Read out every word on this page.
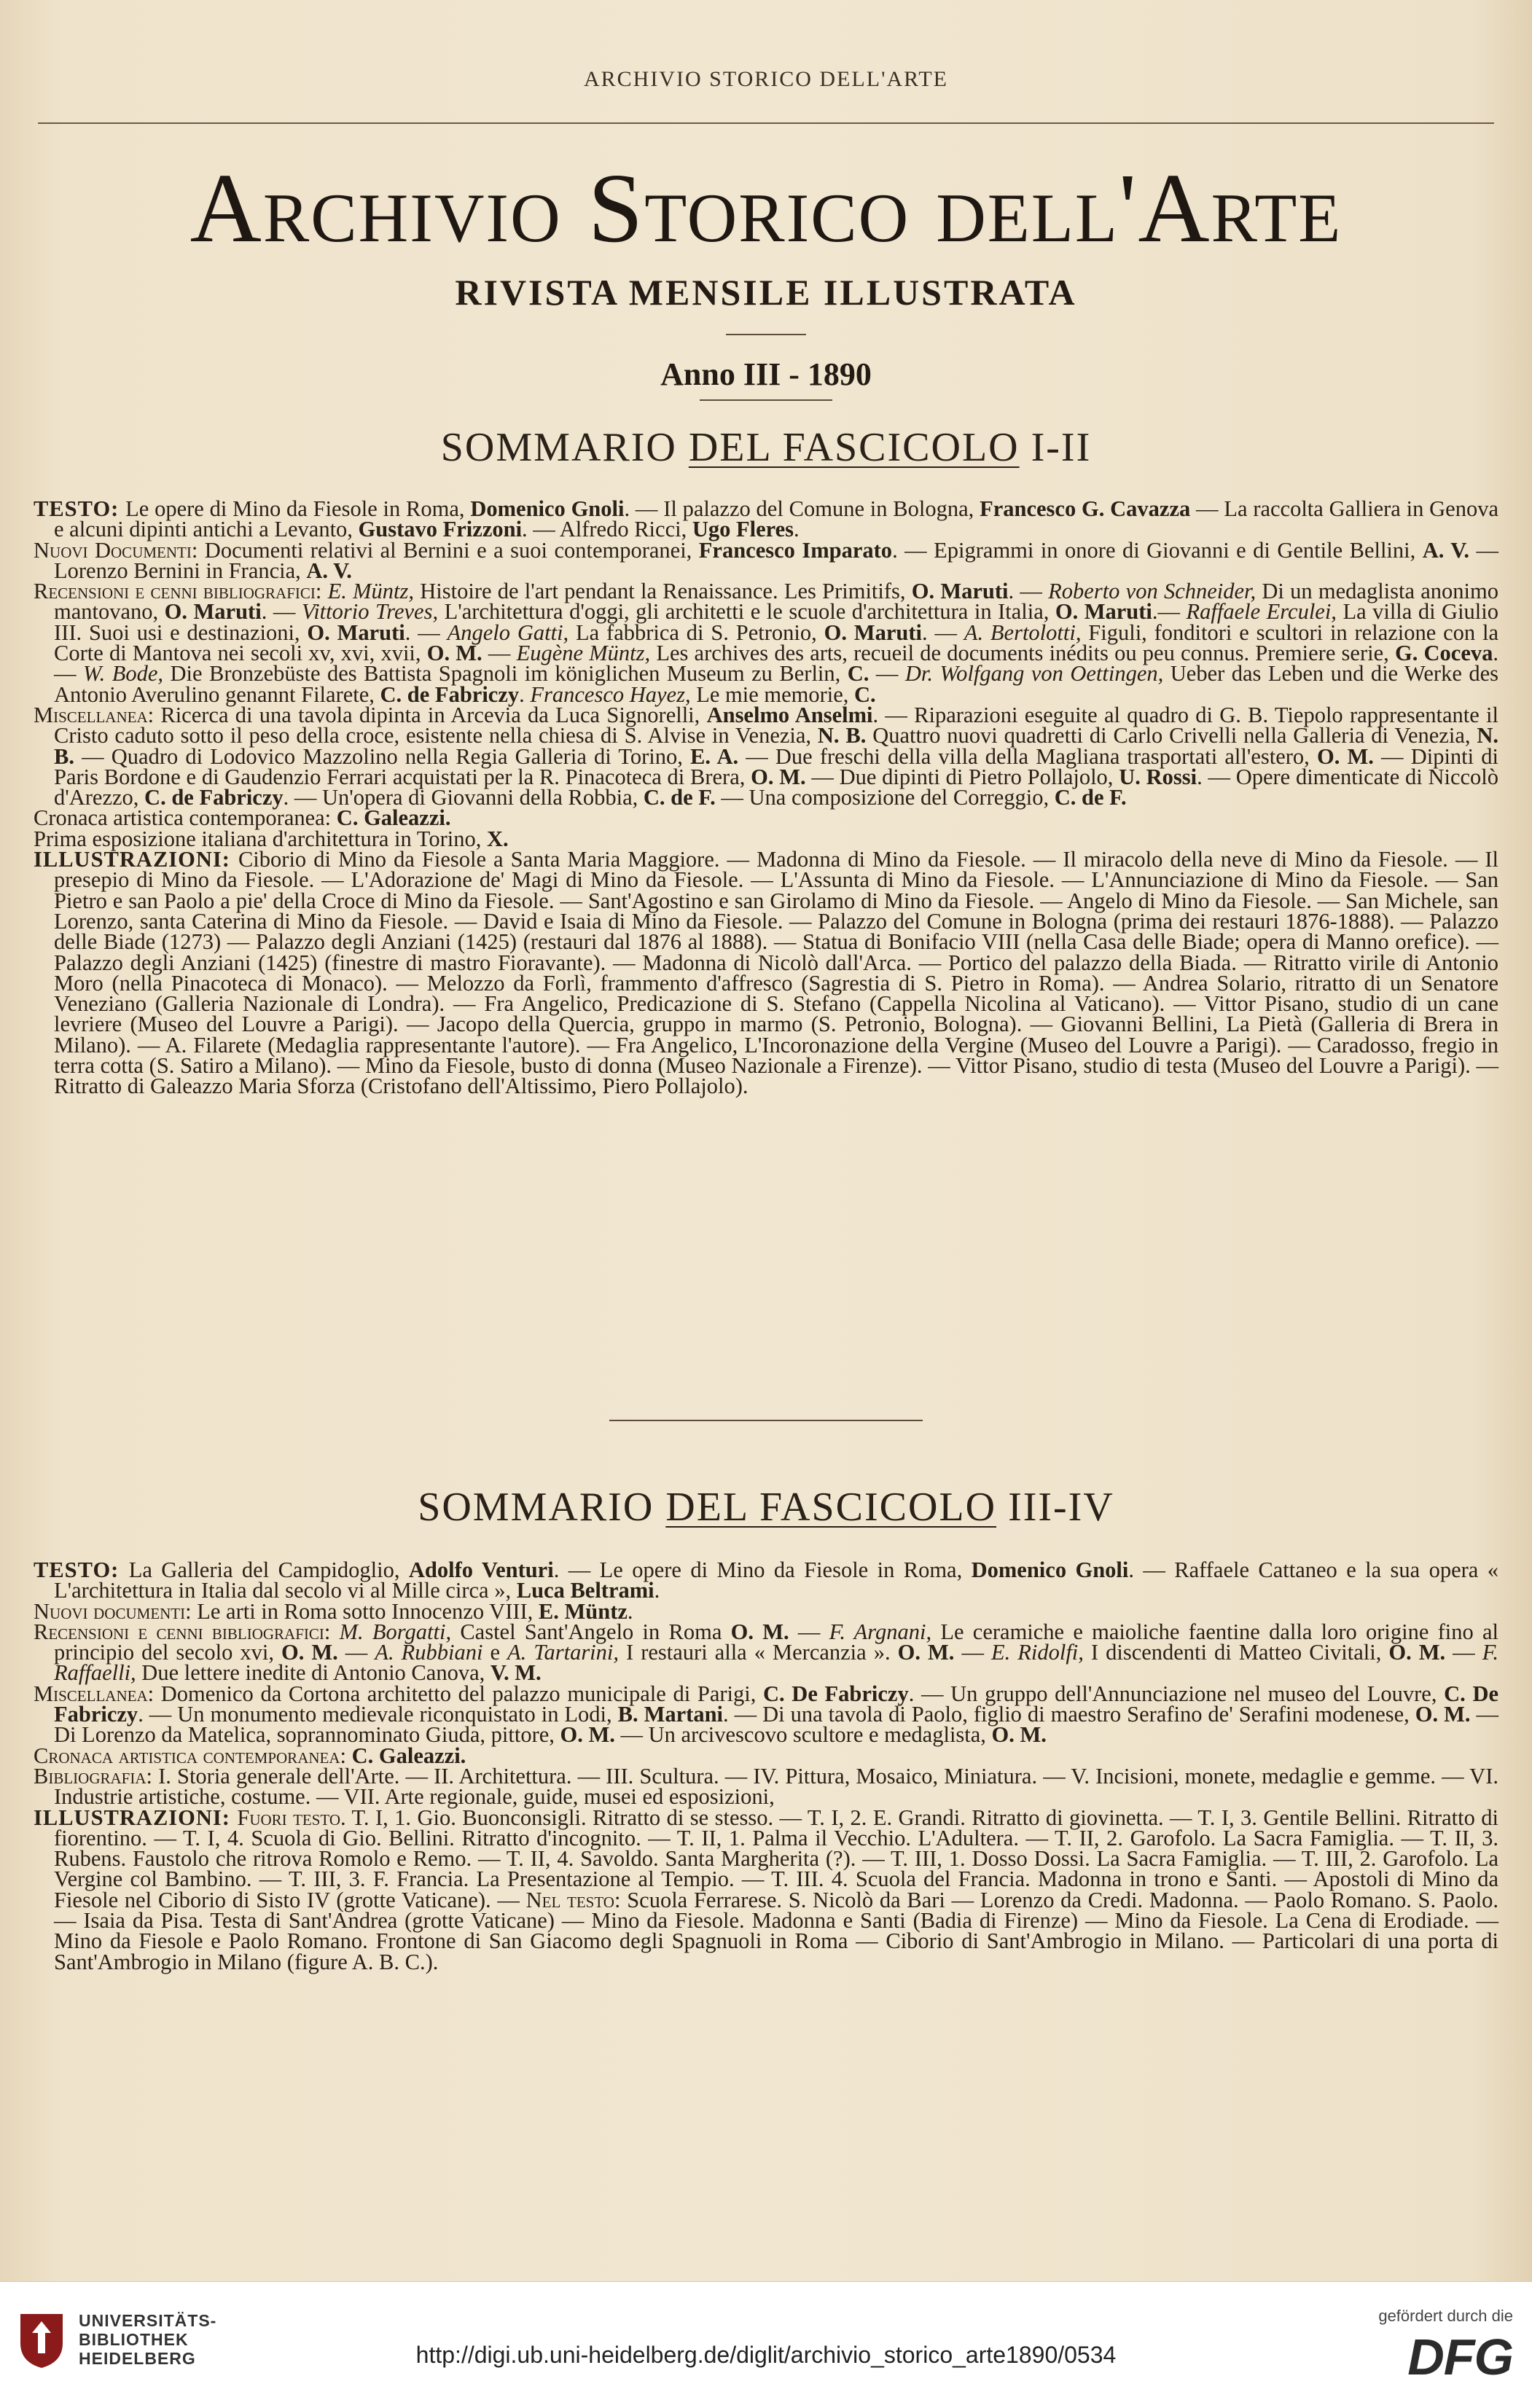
ARCHIVIO STORICO DELL'ARTE
Archivio Storico dell'Arte
RIVISTA MENSILE ILLUSTRATA
Anno III - 1890
SOMMARIO DEL FASCICOLO I-II

TESTO: Le opere di Mino da Fiesole in Roma, Domenico Gnoli. — Il palazzo del Comune in Bologna, Francesco G. Cavazza — La raccolta Galliera in Genova e alcuni dipinti antichi a Levanto, Gustavo Frizzoni. — Alfredo Ricci, Ugo Fleres.

Nuovi Documenti: Documenti relativi al Bernini e a suoi contemporanei, Francesco Imparato. — Epigrammi in onore di Giovanni e di Gentile Bellini, A. V. — Lorenzo Bernini in Francia, A. V.

Recensioni e cenni bibliografici: E. Müntz, Histoire de l'art pendant la Renaissance. Les Primitifs, O. Maruti. — Roberto von Schneider, Di un medaglista anonimo mantovano, O. Maruti. — Vittorio Treves, L'architettura d'oggi, gli architetti e le scuole d'architettura in Italia, O. Maruti.— Raffaele Erculei, La villa di Giulio III. Suoi usi e destinazioni, O. Maruti. — Angelo Gatti, La fabbrica di S. Petronio, O. Maruti. — A. Bertolotti, Figuli, fonditori e scultori in relazione con la Corte di Mantova nei secoli xv, xvi, xvii, O. M. — Eugène Müntz, Les archives des arts, recueil de documents inédits ou peu connus. Premiere serie, G. Coceva. — W. Bode, Die Bronzebüste des Battista Spagnoli im königlichen Museum zu Berlin, C. — Dr. Wolfgang von Oettingen, Ueber das Leben und die Werke des Antonio Averulino genannt Filarete, C. de Fabriczy. Francesco Hayez, Le mie memorie, C.

Miscellanea: Ricerca di una tavola dipinta in Arcevia da Luca Signorelli, Anselmo Anselmi. — Riparazioni eseguite al quadro di G. B. Tiepolo rappresentante il Cristo caduto sotto il peso della croce, esistente nella chiesa di S. Alvise in Venezia, N. B. Quattro nuovi quadretti di Carlo Crivelli nella Galleria di Venezia, N. B. — Quadro di Lodovico Mazzolino nella Regia Galleria di Torino, E. A. — Due freschi della villa della Magliana trasportati all'estero, O. M. — Dipinti di Paris Bordone e di Gaudenzio Ferrari acquistati per la R. Pinacoteca di Brera, O. M. — Due dipinti di Pietro Pollajolo, U. Rossi. — Opere dimenticate di Niccolò d'Arezzo, C. de Fabriczy. — Un'opera di Giovanni della Robbia, C. de F. — Una composizione del Correggio, C. de F.

Cronaca artistica contemporanea: C. Galeazzi.

Prima esposizione italiana d'architettura in Torino, X.

ILLUSTRAZIONI: Ciborio di Mino da Fiesole a Santa Maria Maggiore. — Madonna di Mino da Fiesole. — Il miracolo della neve di Mino da Fiesole. — Il presepio di Mino da Fiesole. — L'Adorazione de' Magi di Mino da Fiesole. — L'Assunta di Mino da Fiesole. — L'Annunciazione di Mino da Fiesole. — San Pietro e san Paolo a pie' della Croce di Mino da Fiesole. — Sant'Agostino e san Girolamo di Mino da Fiesole. — Angelo di Mino da Fiesole. — San Michele, san Lorenzo, santa Caterina di Mino da Fiesole. — David e Isaia di Mino da Fiesole. — Palazzo del Comune in Bologna (prima dei restauri 1876-1888). — Palazzo delle Biade (1273) — Palazzo degli Anziani (1425) (restauri dal 1876 al 1888). — Statua di Bonifacio VIII (nella Casa delle Biade; opera di Manno orefice). — Palazzo degli Anziani (1425) (finestre di mastro Fioravante). — Madonna di Nicolò dall'Arca. — Portico del palazzo della Biada. — Ritratto virile di Antonio Moro (nella Pinacoteca di Monaco). — Melozzo da Forlì, frammento d'affresco (Sagrestia di S. Pietro in Roma). — Andrea Solario, ritratto di un Senatore Veneziano (Galleria Nazionale di Londra). — Fra Angelico, Predicazione di S. Stefano (Cappella Nicolina al Vaticano). — Vittor Pisano, studio di un cane levriere (Museo del Louvre a Parigi). — Jacopo della Quercia, gruppo in marmo (S. Petronio, Bologna). — Giovanni Bellini, La Pietà (Galleria di Brera in Milano). — A. Filarete (Medaglia rappresentante l'autore). — Fra Angelico, L'Incoronazione della Vergine (Museo del Louvre a Parigi). — Caradosso, fregio in terra cotta (S. Satiro a Milano). — Mino da Fiesole, busto di donna (Museo Nazionale a Firenze). — Vittor Pisano, studio di testa (Museo del Louvre a Parigi). — Ritratto di Galeazzo Maria Sforza (Cristofano dell'Altissimo, Piero Pollajolo).

SOMMARIO DEL FASCICOLO III-IV

TESTO: La Galleria del Campidoglio, Adolfo Venturi. — Le opere di Mino da Fiesole in Roma, Domenico Gnoli. — Raffaele Cattaneo e la sua opera « L'architettura in Italia dal secolo vi al Mille circa », Luca Beltrami.

Nuovi documenti: Le arti in Roma sotto Innocenzo VIII, E. Müntz.

Recensioni e cenni bibliografici: M. Borgatti, Castel Sant'Angelo in Roma O. M. — F. Argnani, Le ceramiche e maioliche faentine dalla loro origine fino al principio del secolo xvi, O. M. — A. Rubbiani e A. Tartarini, I restauri alla « Mercanzia ». O. M. — E. Ridolfi, I discendenti di Matteo Civitali, O. M. — F. Raffaelli, Due lettere inedite di Antonio Canova, V. M.

Miscellanea: Domenico da Cortona architetto del palazzo municipale di Parigi, C. De Fabriczy. — Un gruppo dell'Annunciazione nel museo del Louvre, C. De Fabriczy. — Un monumento medievale riconquistato in Lodi, B. Martani. — Di una tavola di Paolo, figlio di maestro Serafino de' Serafini modenese, O. M. — Di Lorenzo da Matelica, soprannominato Giuda, pittore, O. M. — Un arcivescovo scultore e medaglista, O. M.

Cronaca artistica contemporanea: C. Galeazzi.

Bibliografia: I. Storia generale dell'Arte. — II. Architettura. — III. Scultura. — IV. Pittura, Mosaico, Miniatura. — V. Incisioni, monete, medaglie e gemme. — VI. Industrie artistiche, costume. — VII. Arte regionale, guide, musei ed esposizioni,

ILLUSTRAZIONI: Fuori testo. T. I, 1. Gio. Buonconsigli. Ritratto di se stesso. — T. I, 2. E. Grandi. Ritratto di giovinetta. — T. I, 3. Gentile Bellini. Ritratto di fiorentino. — T. I, 4. Scuola di Gio. Bellini. Ritratto d'incognito. — T. II, 1. Palma il Vecchio. L'Adultera. — T. II, 2. Garofolo. La Sacra Famiglia. — T. II, 3. Rubens. Faustolo che ritrova Romolo e Remo. — T. II, 4. Savoldo. Santa Margherita (?). — T. III, 1. Dosso Dossi. La Sacra Famiglia. — T. III, 2. Garofolo. La Vergine col Bambino. — T. III, 3. F. Francia. La Presentazione al Tempio. — T. III. 4. Scuola del Francia. Madonna in trono e Santi. — Apostoli di Mino da Fiesole nel Ciborio di Sisto IV (grotte Vaticane). — Nel testo: Scuola Ferrarese. S. Nicolò da Bari — Lorenzo da Credi. Madonna. — Paolo Romano. S. Paolo. — Isaia da Pisa. Testa di Sant'Andrea (grotte Vaticane) — Mino da Fiesole. Madonna e Santi (Badia di Firenze) — Mino da Fiesole. La Cena di Erodiade. — Mino da Fiesole e Paolo Romano. Frontone di San Giacomo degli Spagnuoli in Roma — Ciborio di Sant'Ambrogio in Milano. — Particolari di una porta di Sant'Ambrogio in Milano (figure A. B. C.).

UNIVERSITÄTS-
BIBLIOTHEK
HEIDELBERG	http://digi.ub.uni-heidelberg.de/diglit/archivio_storico_arte1890/0534
gefördert durch die
DFG
